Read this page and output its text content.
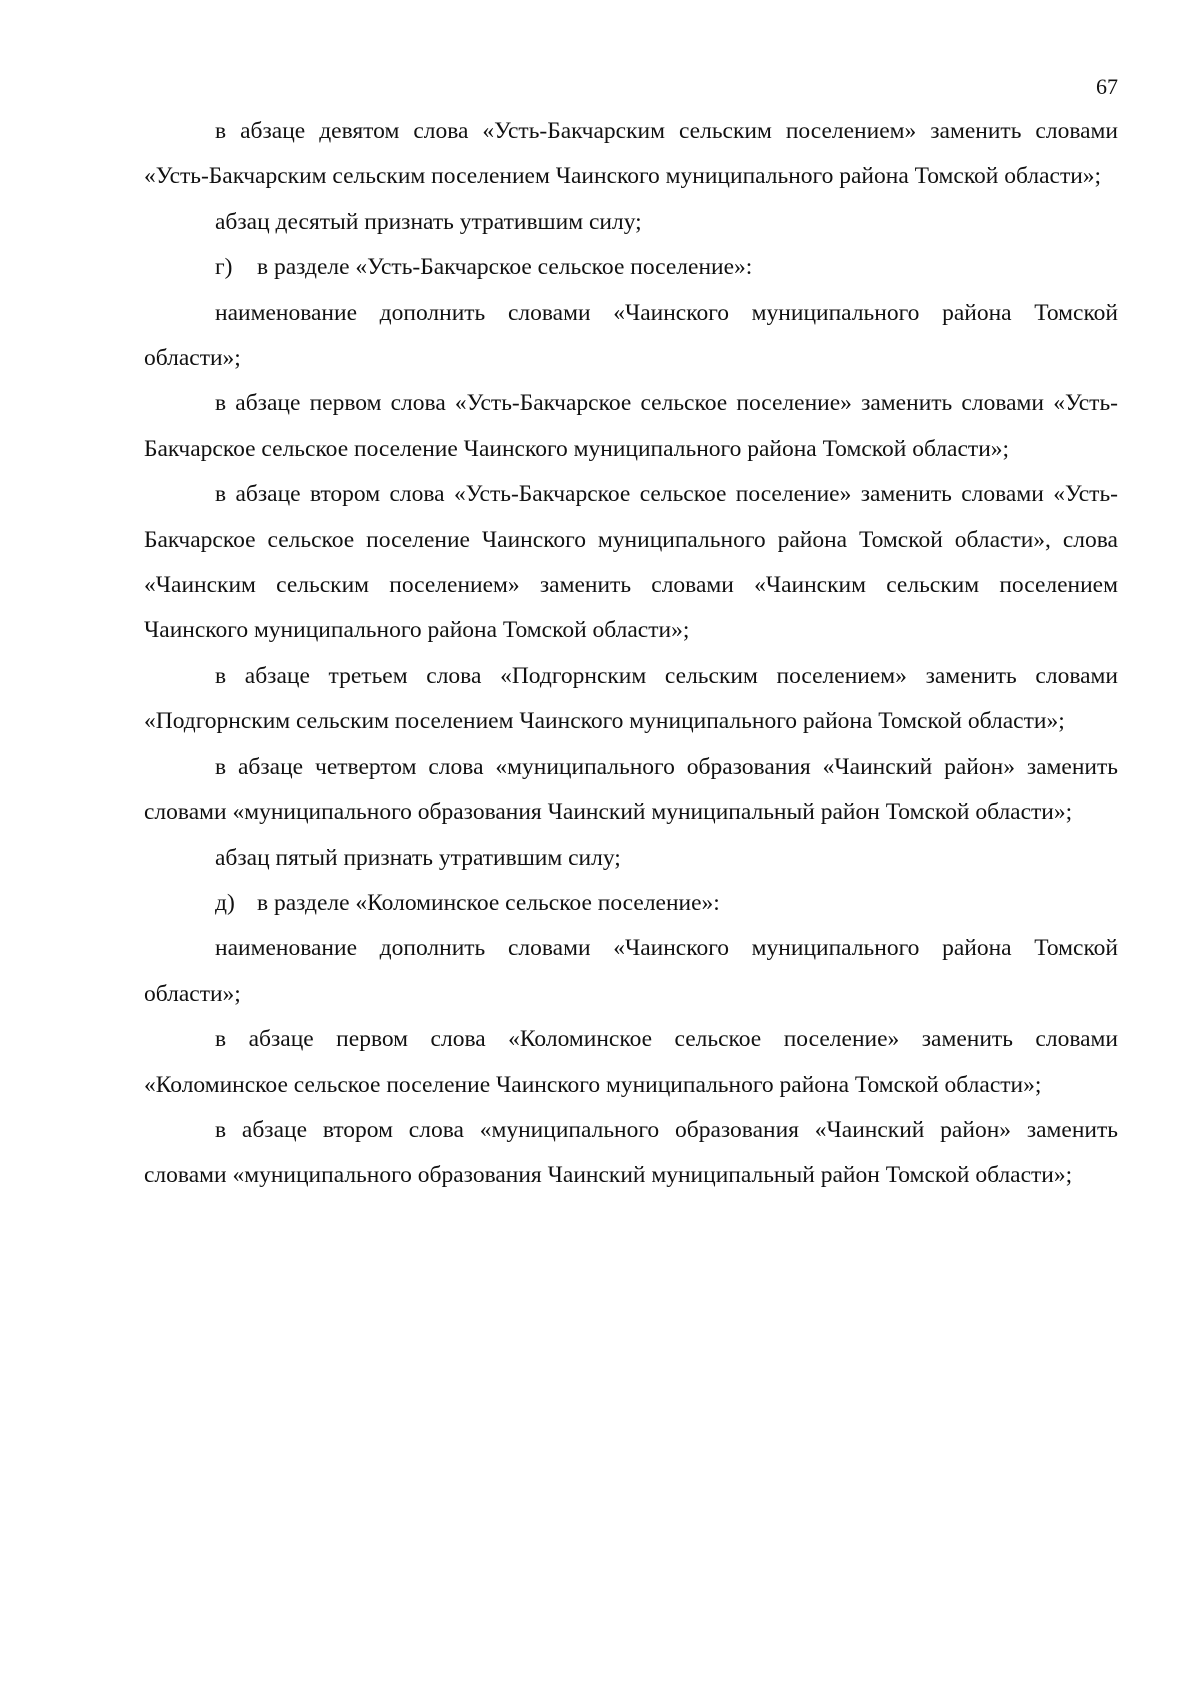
67

в абзаце девятом слова «Усть-Бакчарским сельским поселением» заменить словами «Усть-Бакчарским сельским поселением Чаинского муниципального района Томской области»;

абзац десятый признать утратившим силу;

г) в разделе «Усть-Бакчарское сельское поселение»:

наименование дополнить словами «Чаинского муниципального района Томской области»;

в абзаце первом слова «Усть-Бакчарское сельское поселение» заменить словами «Усть-Бакчарское сельское поселение Чаинского муниципального района Томской области»;

в абзаце втором слова «Усть-Бакчарское сельское поселение» заменить словами «Усть-Бакчарское сельское поселение Чаинского муниципального района Томской области», слова «Чаинским сельским поселением» заменить словами «Чаинским сельским поселением Чаинского муниципального района Томской области»;

в абзаце третьем слова «Подгорнским сельским поселением» заменить словами «Подгорнским сельским поселением Чаинского муниципального района Томской области»;

в абзаце четвертом слова «муниципального образования «Чаинский район» заменить словами «муниципального образования Чаинский муниципальный район Томской области»;

абзац пятый признать утратившим силу;

д) в разделе «Коломинское сельское поселение»:

наименование дополнить словами «Чаинского муниципального района Томской области»;

в абзаце первом слова «Коломинское сельское поселение» заменить словами «Коломинское сельское поселение Чаинского муниципального района Томской области»;

в абзаце втором слова «муниципального образования «Чаинский район» заменить словами «муниципального образования Чаинский муниципальный район Томской области»;
